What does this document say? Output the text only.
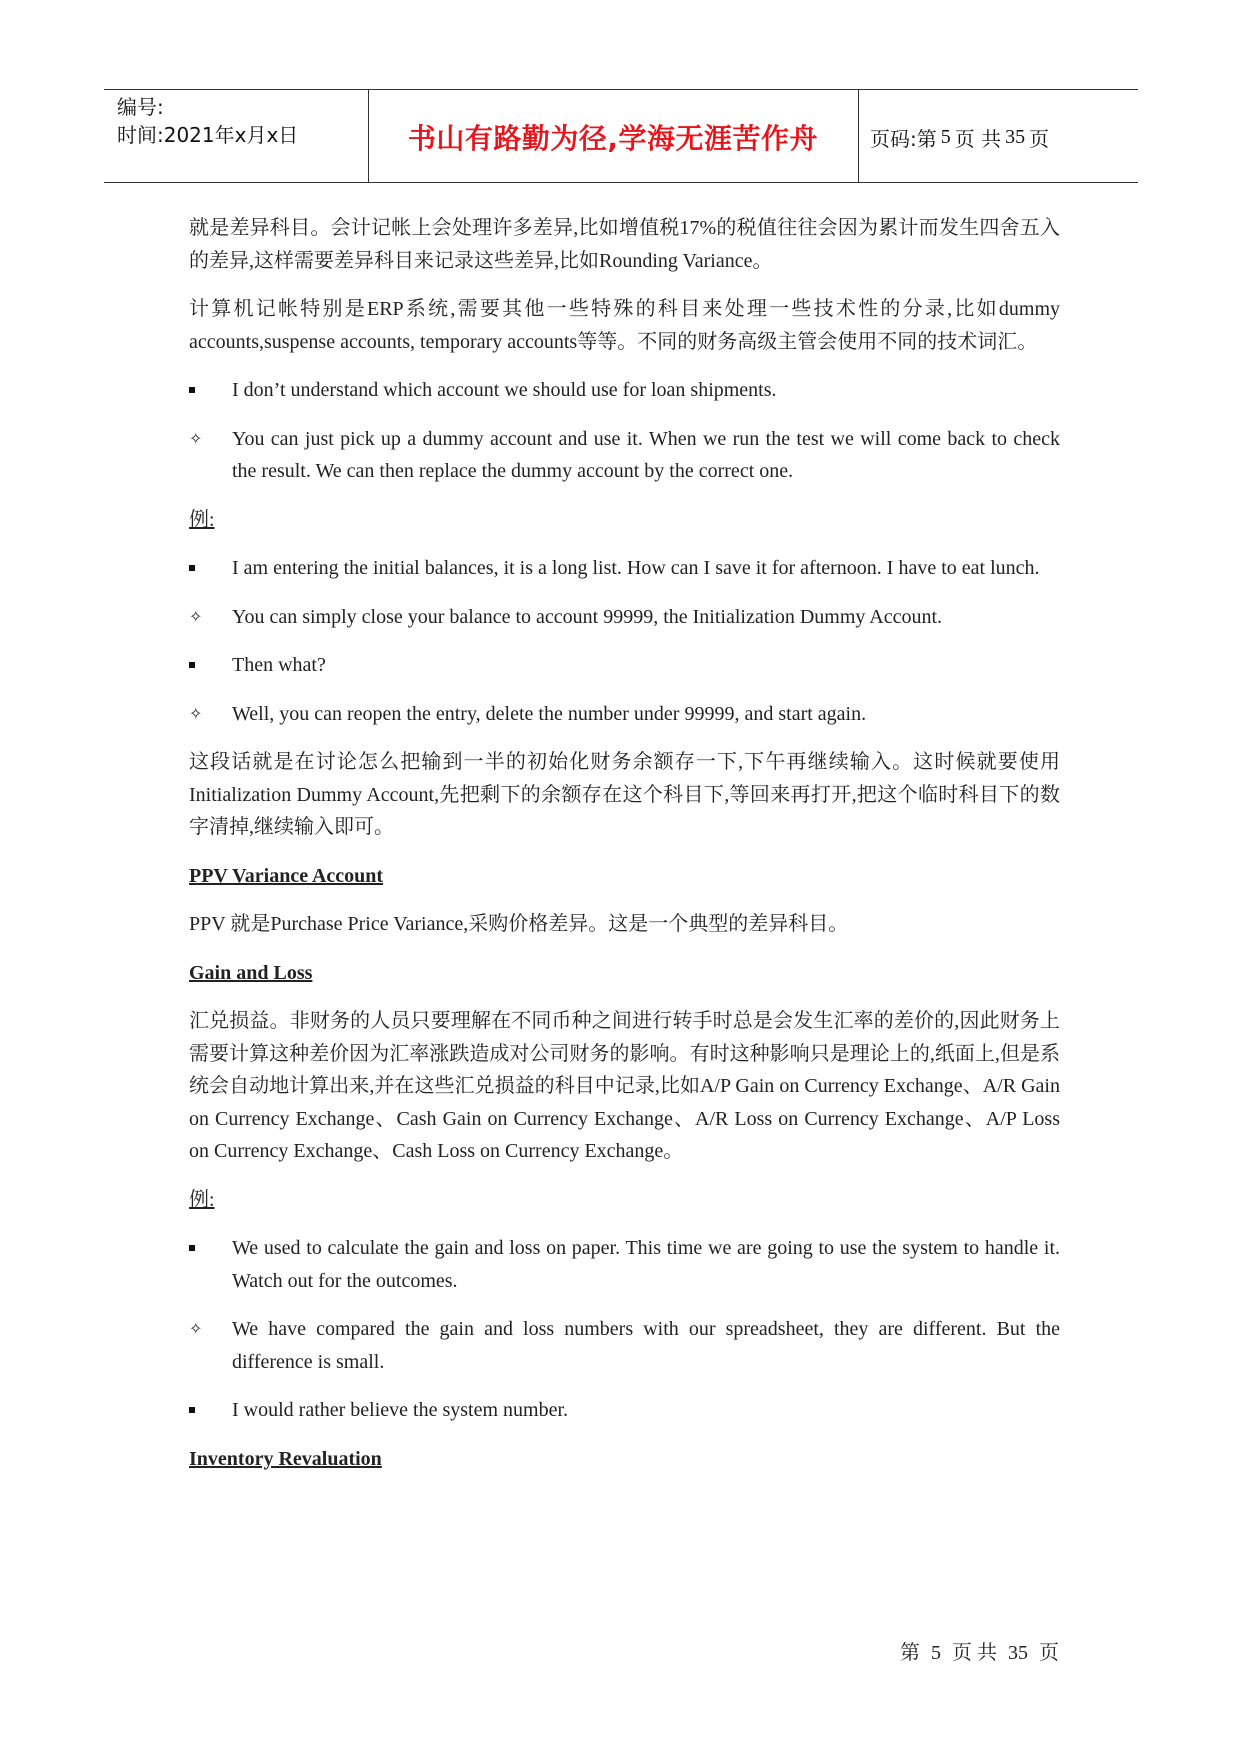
编号:
时间:2021年x月x日	书山有路勤为径,学海无涯苦作舟	页码:第 5 页 共 35 页

就是差异科目。会计记帐上会处理许多差异,比如增值税17%的税值往往会因为累计而发生四舍五入的差异,这样需要差异科目来记录这些差异,比如Rounding Variance。

计算机记帐特别是ERP系统,需要其他一些特殊的科目来处理一些技术性的分录,比如dummy accounts,suspense accounts, temporary accounts等等。不同的财务高级主管会使用不同的技术词汇。

I don’t understand which account we should use for loan shipments.
✧	You can just pick up a dummy account and use it. When we run the test we will come back to check the result. We can then replace the dummy account by the correct one.
例:
I am entering the initial balances, it is a long list. How can I save it for afternoon. I have to eat lunch.
✧	You can simply close your balance to account 99999, the Initialization Dummy Account.
Then what?
✧	Well, you can reopen the entry, delete the number under 99999, and start again.

这段话就是在讨论怎么把输到一半的初始化财务余额存一下,下午再继续输入。这时候就要使用Initialization Dummy Account,先把剩下的余额存在这个科目下,等回来再打开,把这个临时科目下的数字清掉,继续输入即可。

PPV Variance Account

PPV 就是Purchase Price Variance,采购价格差异。这是一个典型的差异科目。

Gain and Loss

汇兑损益。非财务的人员只要理解在不同币种之间进行转手时总是会发生汇率的差价的,因此财务上需要计算这种差价因为汇率涨跌造成对公司财务的影响。有时这种影响只是理论上的,纸面上,但是系统会自动地计算出来,并在这些汇兑损益的科目中记录,比如A/P Gain on Currency Exchange、A/R Gain on Currency Exchange、Cash Gain on Currency Exchange、A/R Loss on Currency Exchange、A/P Loss on Currency Exchange、Cash Loss on Currency Exchange。

例:
We used to calculate the gain and loss on paper. This time we are going to use the system to handle it. Watch out for the outcomes.
✧	We have compared the gain and loss numbers with our spreadsheet, they are different. But the difference is small.
I would rather believe the system number.
Inventory Revaluation
第 5 页 共 35 页
